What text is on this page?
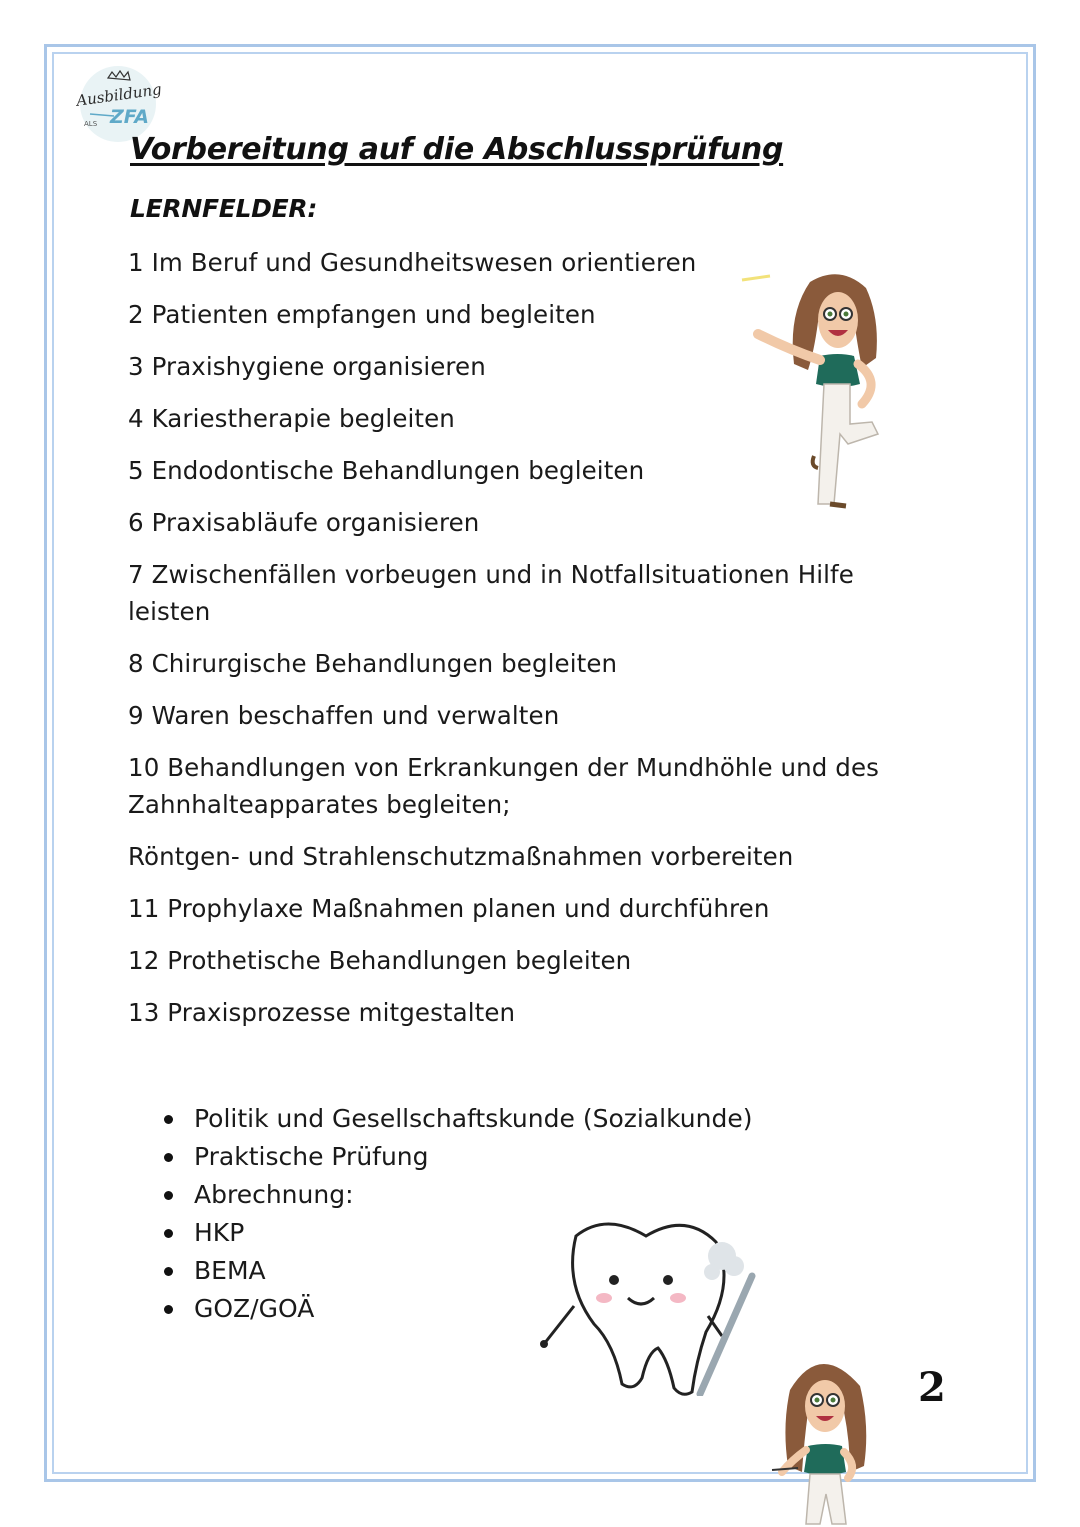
Ausbildung
ZFA
ALS
Vorbereitung auf die Abschlussprüfung
LERNFELDER:
1 Im Beruf und Gesundheitswesen orientieren
2 Patienten empfangen und begleiten
3 Praxishygiene organisieren
4 Kariestherapie begleiten
5 Endodontische Behandlungen begleiten
6 Praxisabläufe organisieren
7 Zwischenfällen vorbeugen und in Notfallsituationen Hilfe leisten
8 Chirurgische Behandlungen begleiten
9 Waren beschaffen und verwalten
10 Behandlungen von Erkrankungen der Mundhöhle und des Zahnhalteapparates begleiten;
Röntgen- und Strahlenschutzmaßnahmen vorbereiten
11 Prophylaxe Maßnahmen planen und durchführen
12 Prothetische Behandlungen begleiten
13 Praxisprozesse mitgestalten
Politik und Gesellschaftskunde (Sozialkunde)
Praktische Prüfung
Abrechnung:
HKP
BEMA
GOZ/GOÄ
2
